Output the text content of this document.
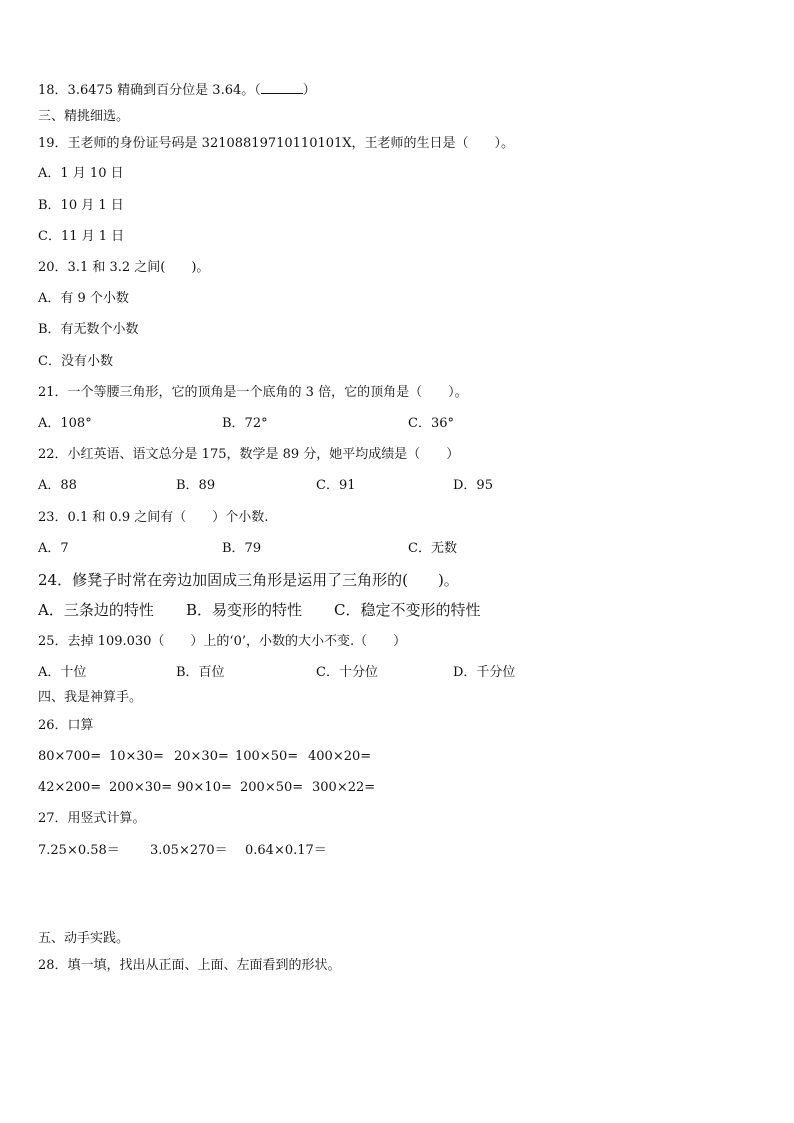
18．3.6475 精确到百分位是 3.64。（	）
三、精挑细选。
19．王老师的身份证号码是 32108819710110101X，王老师的生日是（　　）。
A．1 月 10 日
B．10 月 1 日
C．11 月 1 日
20．3.1 和 3.2 之间(　　)。
A．有 9 个小数
B．有无数个小数
C．没有小数
21．一个等腰三角形，它的顶角是一个底角的 3 倍，它的顶角是（　　）。
A．108°	B．72°	C．36°
22．小红英语、语文总分是 175，数学是 89 分，她平均成绩是（　　）
A．88	B．89	C．91	D．95
23．0.1 和 0.9 之间有（　　）个小数.
A．7	B．79	C．无数
24．修凳子时常在旁边加固成三角形是运用了三角形的(　　)。
A．三条边的特性 B．易变形的特性 C．稳定不变形的特性
25．去掉 109.030（　　）上的‘0’，小数的大小不变.（　　）
A．十位	B．百位	C．十分位	D．千分位
四、我是神算手。
26．口算
80×700= 10×30= 20×30= 100×50= 400×20=
42×200= 200×30= 90×10= 200×50= 300×22=
27．用竖式计算。
7.25×0.58＝ 3.05×270＝ 0.64×0.17＝
五、动手实践。
28．填一填，找出从正面、上面、左面看到的形状。
